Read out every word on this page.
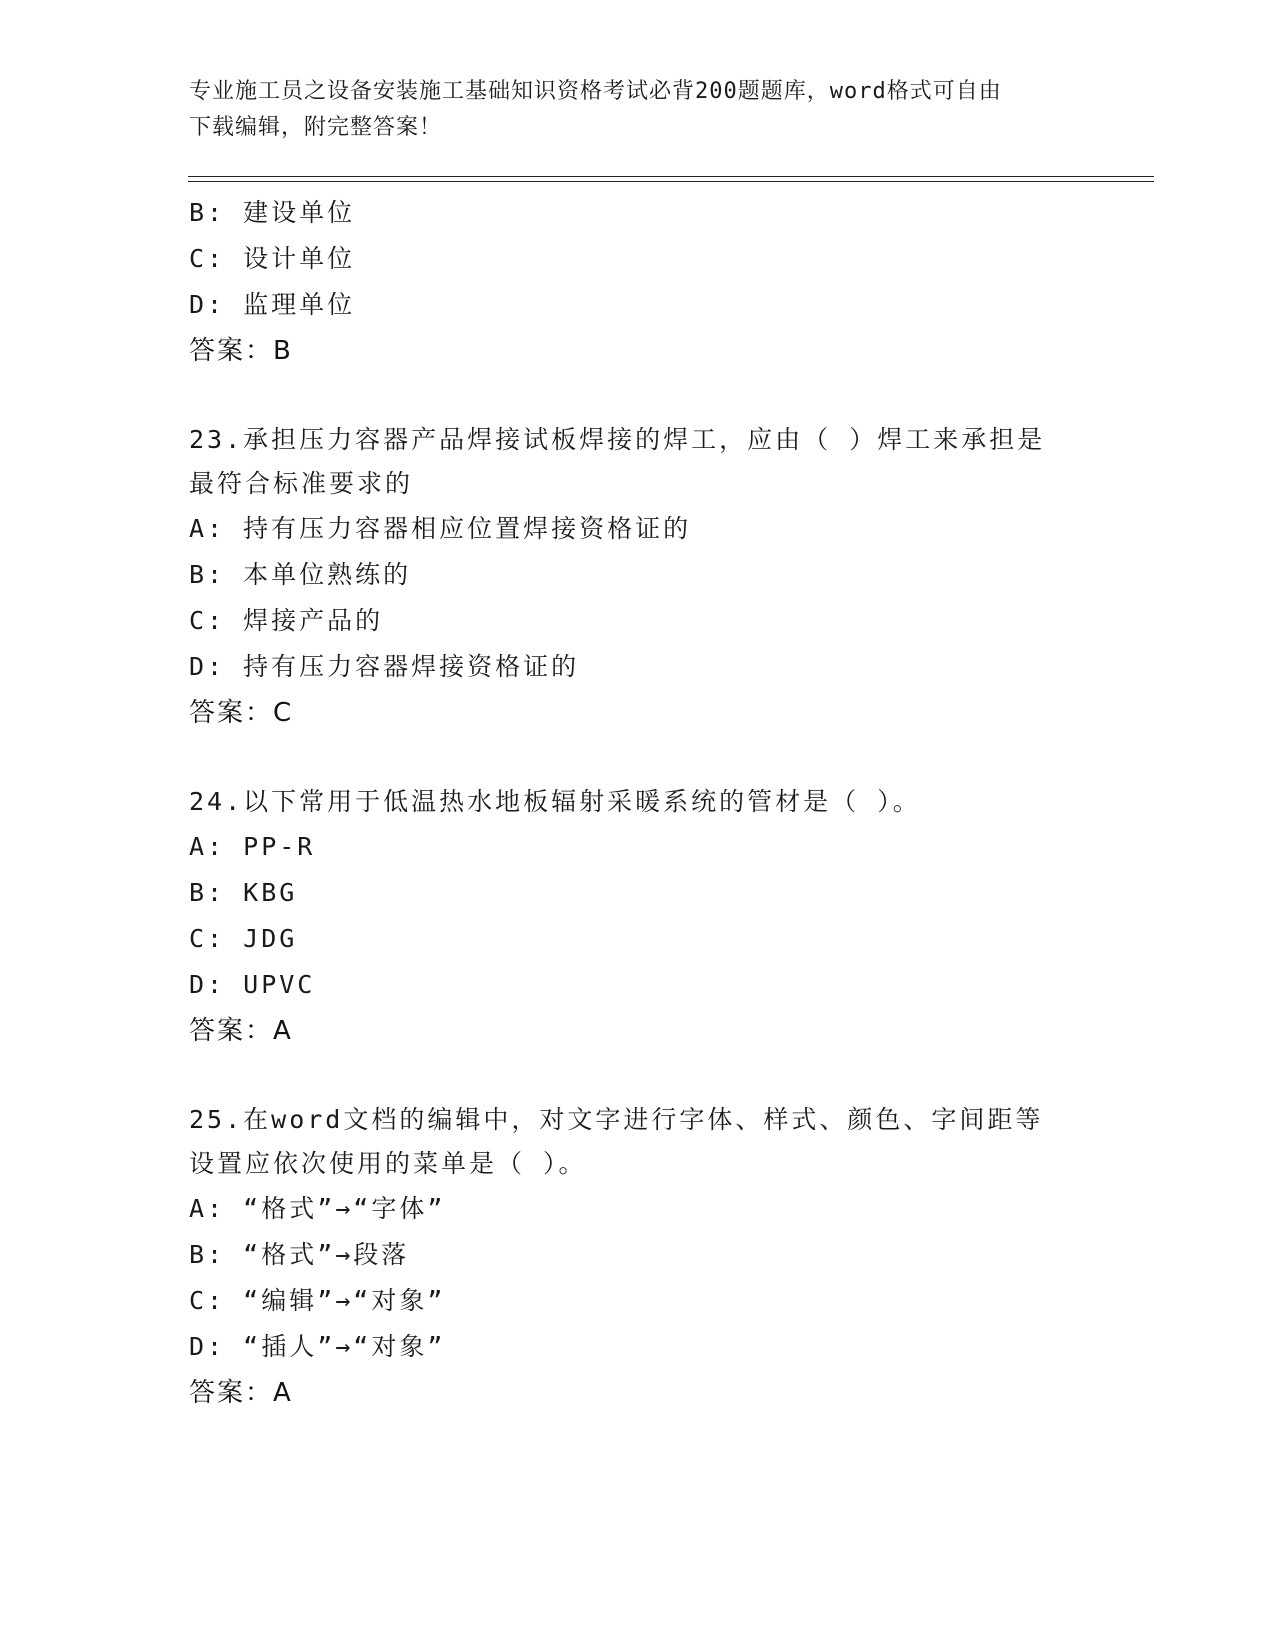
专业施工员之设备安装施工基础知识资格考试必背200题题库，word格式可自由
下载编辑，附完整答案！
B: 建设单位
C: 设计单位
D: 监理单位
答案：B
23.承担压力容器产品焊接试板焊接的焊工，应由（ ）焊工来承担是
最符合标准要求的
A: 持有压力容器相应位置焊接资格证的
B: 本单位熟练的
C: 焊接产品的
D: 持有压力容器焊接资格证的
答案：C
24.以下常用于低温热水地板辐射采暖系统的管材是（ ）。
A: PP-R
B: KBG
C: JDG
D: UPVC
答案：A
25.在word文档的编辑中，对文字进行字体、样式、颜色、字间距等
设置应依次使用的菜单是（ ）。
A: “格式”→“字体”
B: “格式”→段落
C: “编辑”→“对象”
D: “插人”→“对象”
答案：A
